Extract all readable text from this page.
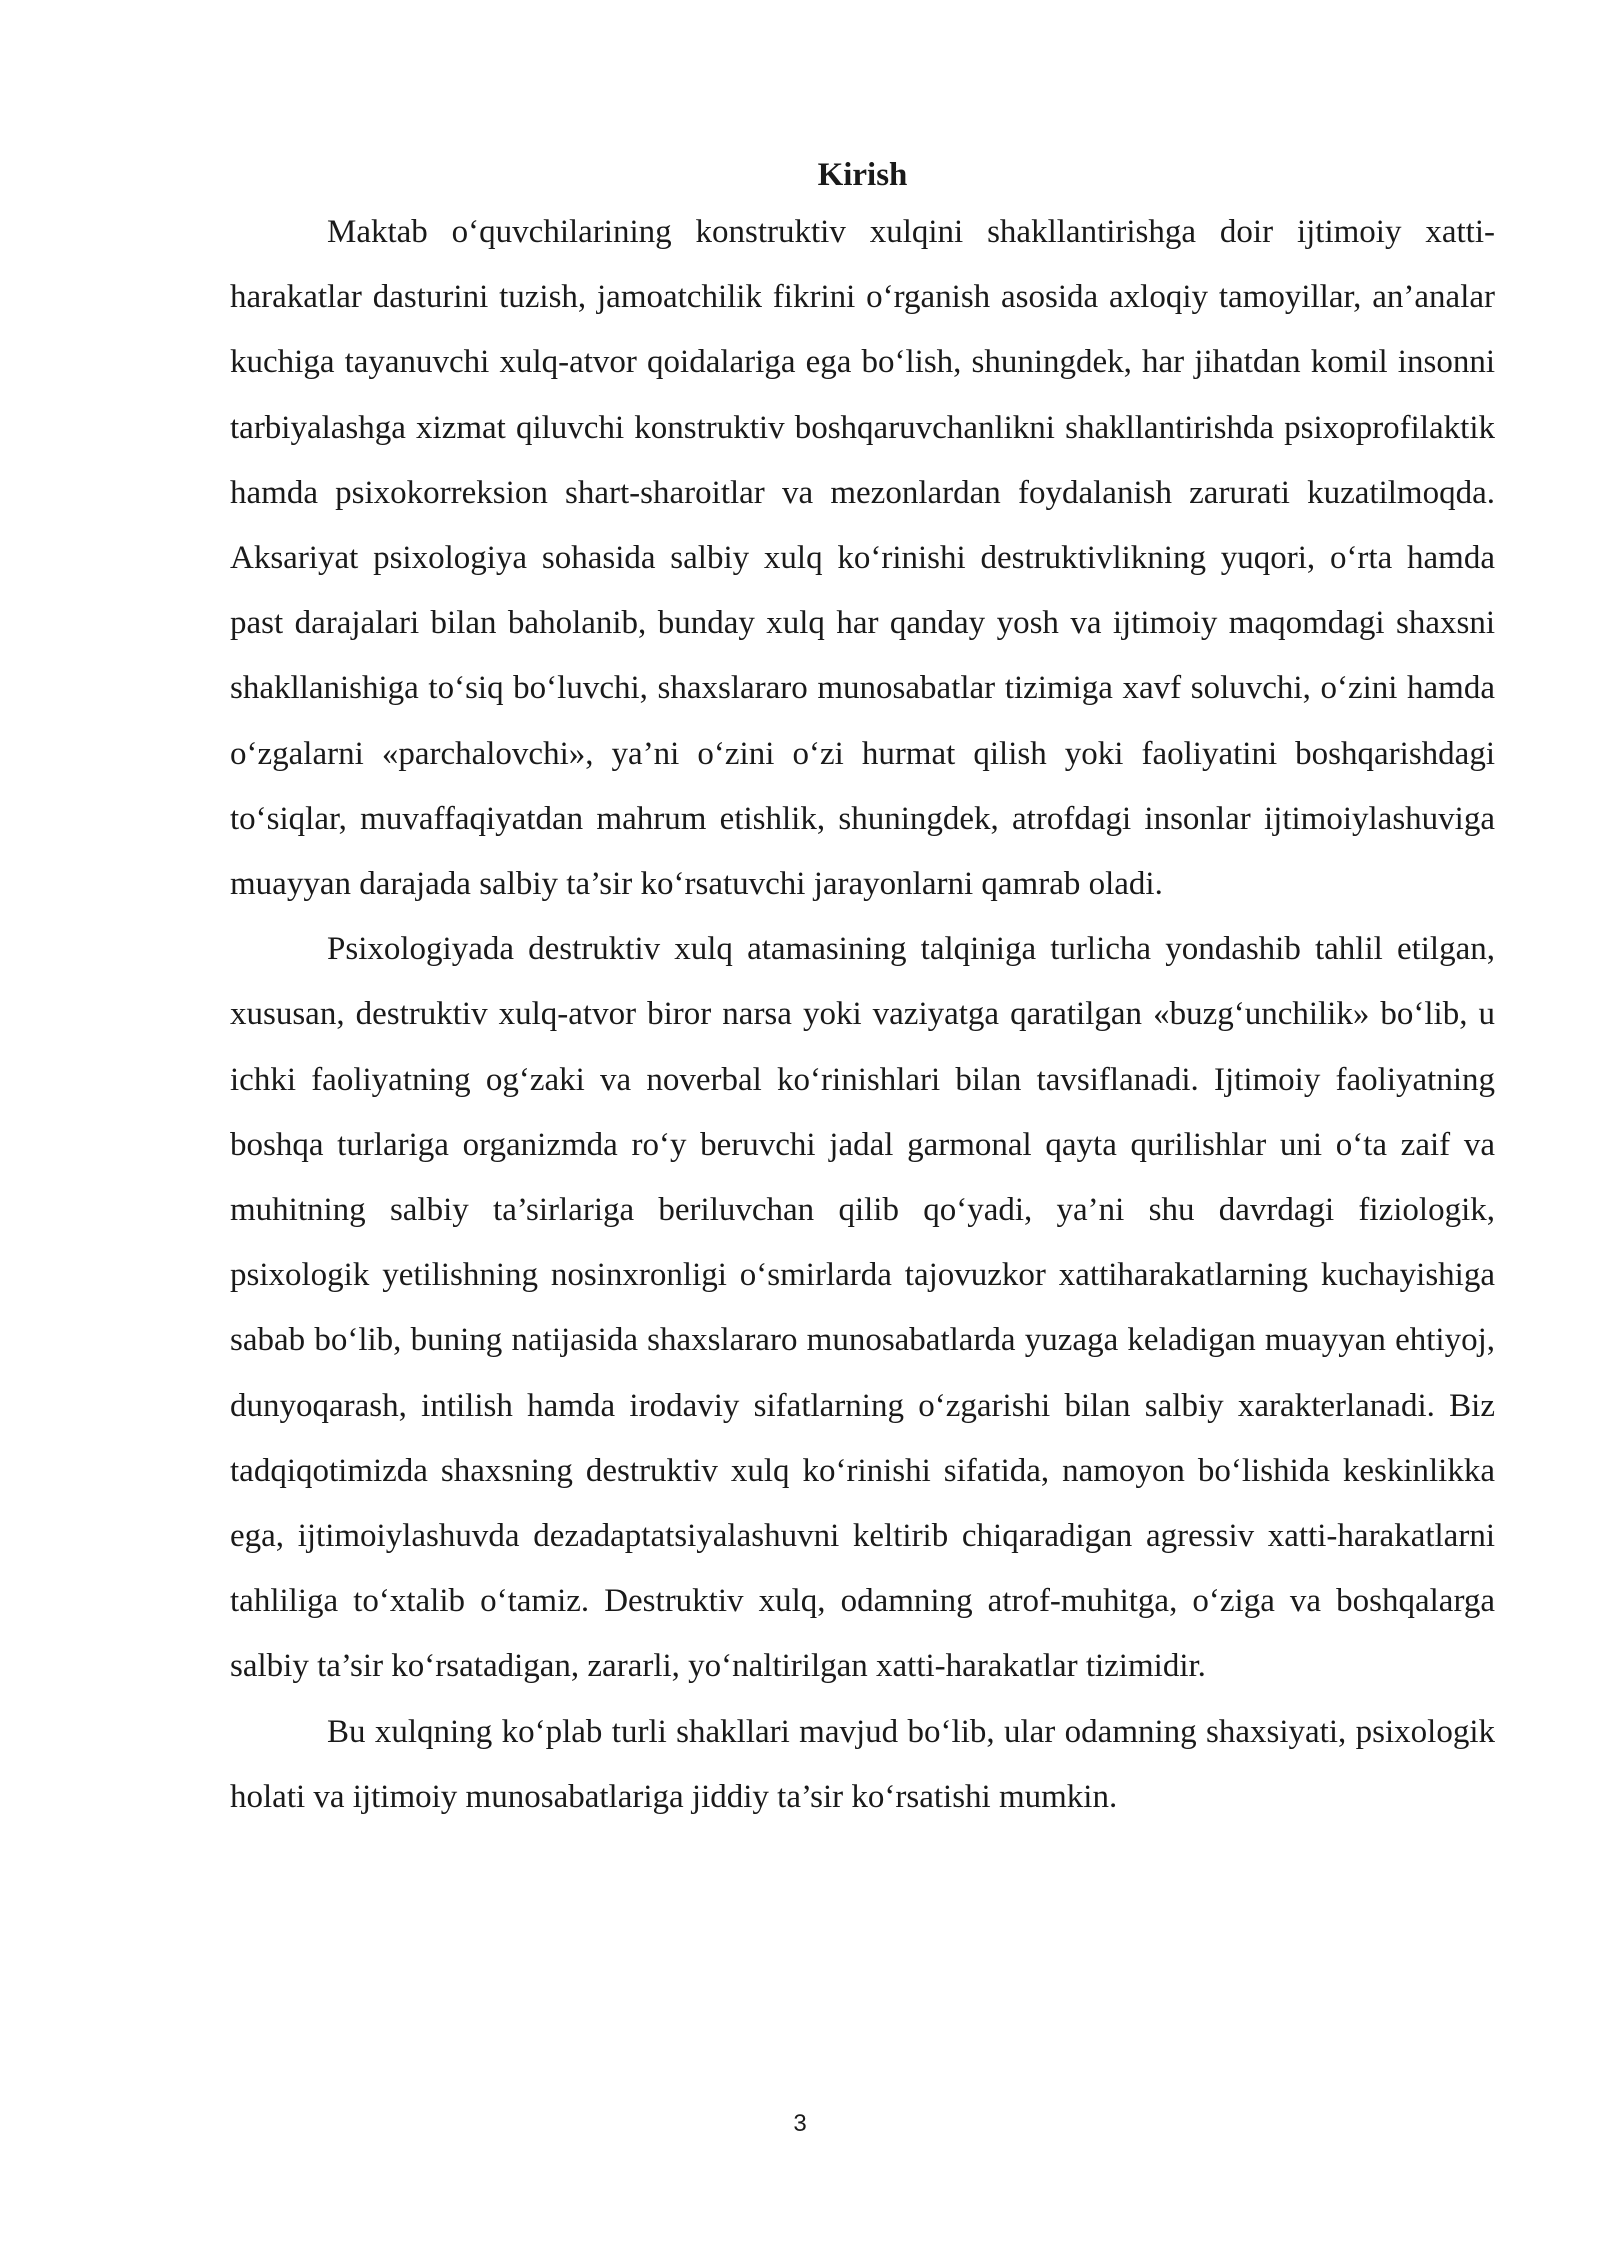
Kirish

Maktab o‘quvchilarining konstruktiv xulqini shakllantirishga doir ijtimoiy xatti-harakatlar dasturini tuzish, jamoatchilik fikrini o‘rganish asosida axloqiy tamoyillar, an’analar kuchiga tayanuvchi xulq-atvor qoidalariga ega bo‘lish, shuningdek, har jihatdan komil insonni tarbiyalashga xizmat qiluvchi konstruktiv boshqaruvchanlikni shakllantirishda psixoprofilaktik hamda psixokorreksion shart-sharoitlar va mezonlardan foydalanish zarurati kuzatilmoqda. Aksariyat psixologiya sohasida salbiy xulq ko‘rinishi destruktivlikning yuqori, o‘rta hamda past darajalari bilan baholanib, bunday xulq har qanday yosh va ijtimoiy maqomdagi shaxsni shakllanishiga to‘siq bo‘luvchi, shaxslararo munosabatlar tizimiga xavf soluvchi, o‘zini hamda o‘zgalarni «parchalovchi», ya’ni o‘zini o‘zi hurmat qilish yoki faoliyatini boshqarishdagi to‘siqlar, muvaffaqiyatdan mahrum etishlik, shuningdek, atrofdagi insonlar ijtimoiylashuviga muayyan darajada salbiy ta’sir ko‘rsatuvchi jarayonlarni qamrab oladi.

Psixologiyada destruktiv xulq atamasining talqiniga turlicha yondashib tahlil etilgan, xususan, destruktiv xulq-atvor biror narsa yoki vaziyatga qaratilgan «buzg‘unchilik» bo‘lib, u ichki faoliyatning og‘zaki va noverbal ko‘rinishlari bilan tavsiflanadi. Ijtimoiy faoliyatning boshqa turlariga organizmda ro‘y beruvchi jadal garmonal qayta qurilishlar uni o‘ta zaif va muhitning salbiy ta’sirlariga beriluvchan qilib qo‘yadi, ya’ni shu davrdagi fiziologik, psixologik yetilishning nosinxronligi o‘smirlarda tajovuzkor xattiharakatlarning kuchayishiga sabab bo‘lib, buning natijasida shaxslararo munosabatlarda yuzaga keladigan muayyan ehtiyoj, dunyoqarash, intilish hamda irodaviy sifatlarning o‘zgarishi bilan salbiy xarakterlanadi. Biz tadqiqotimizda shaxsning destruktiv xulq ko‘rinishi sifatida, namoyon bo‘lishida keskinlikka ega, ijtimoiylashuvda dezadaptatsiyalashuvni keltirib chiqaradigan agressiv xatti-harakatlarni tahliliga to‘xtalib o‘tamiz. Destruktiv xulq, odamning atrof-muhitga, o‘ziga va boshqalarga salbiy ta’sir ko‘rsatadigan, zararli, yo‘naltirilgan xatti-harakatlar tizimidir.

Bu xulqning ko‘plab turli shakllari mavjud bo‘lib, ular odamning shaxsiyati, psixologik holati va ijtimoiy munosabatlariga jiddiy ta’sir ko‘rsatishi mumkin.

3
